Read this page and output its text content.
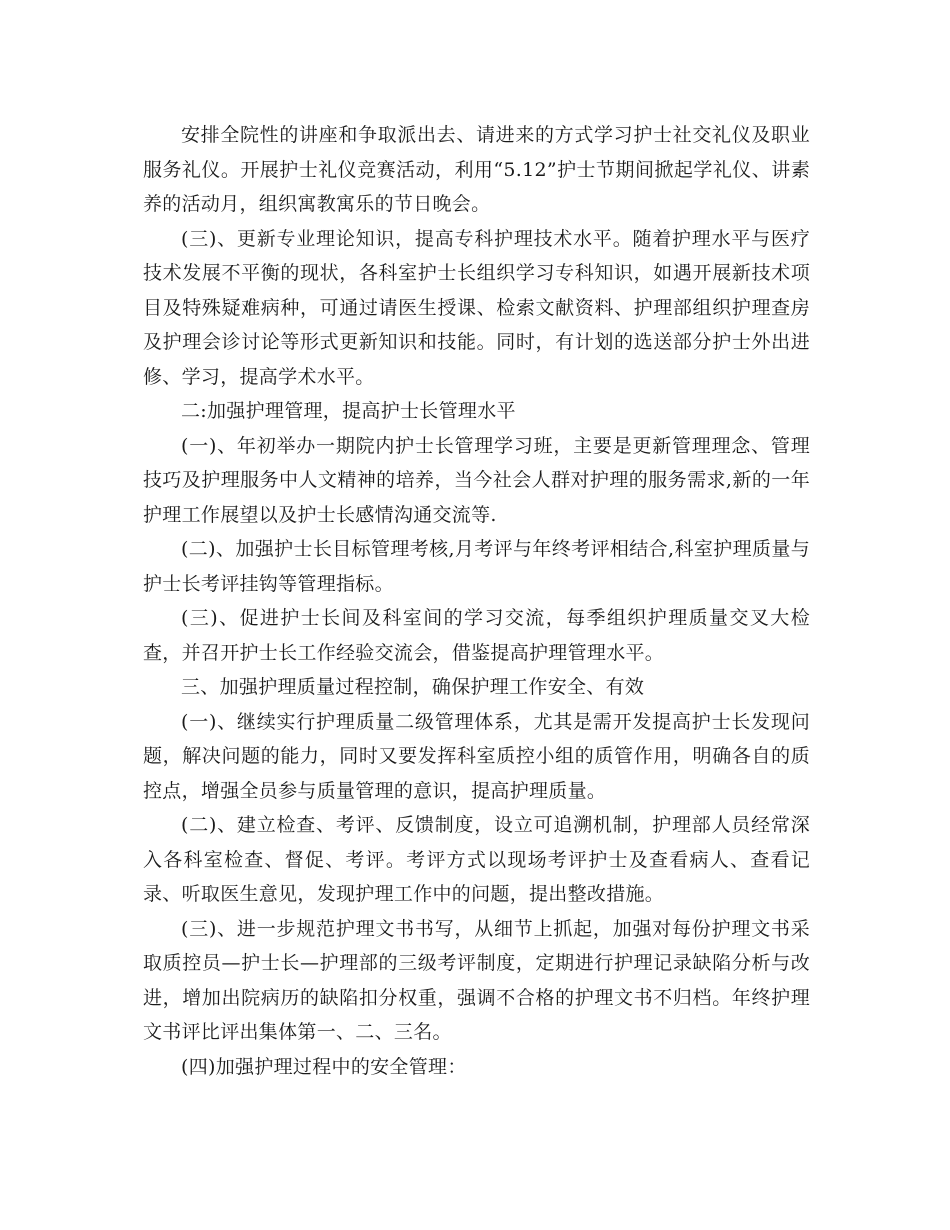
安排全院性的讲座和争取派出去、请进来的方式学习护士社交礼仪及职业服务礼仪。开展护士礼仪竞赛活动，利用“5.12”护士节期间掀起学礼仪、讲素养的活动月，组织寓教寓乐的节日晚会。

(三)、更新专业理论知识，提高专科护理技术水平。随着护理水平与医疗技术发展不平衡的现状，各科室护士长组织学习专科知识，如遇开展新技术项目及特殊疑难病种，可通过请医生授课、检索文献资料、护理部组织护理查房及护理会诊讨论等形式更新知识和技能。同时，有计划的选送部分护士外出进修、学习，提高学术水平。

二:加强护理管理，提高护士长管理水平

(一)、年初举办一期院内护士长管理学习班，主要是更新管理理念、管理技巧及护理服务中人文精神的培养，当今社会人群对护理的服务需求,新的一年护理工作展望以及护士长感情沟通交流等.

(二)、加强护士长目标管理考核,月考评与年终考评相结合,科室护理质量与护士长考评挂钩等管理指标。

(三)、促进护士长间及科室间的学习交流，每季组织护理质量交叉大检查，并召开护士长工作经验交流会，借鉴提高护理管理水平。

三、加强护理质量过程控制，确保护理工作安全、有效

(一)、继续实行护理质量二级管理体系，尤其是需开发提高护士长发现问题，解决问题的能力，同时又要发挥科室质控小组的质管作用，明确各自的质控点，增强全员参与质量管理的意识，提高护理质量。

(二)、建立检查、考评、反馈制度，设立可追溯机制，护理部人员经常深入各科室检查、督促、考评。考评方式以现场考评护士及查看病人、查看记录、听取医生意见，发现护理工作中的问题，提出整改措施。

(三)、进一步规范护理文书书写，从细节上抓起，加强对每份护理文书采取质控员—护士长—护理部的三级考评制度，定期进行护理记录缺陷分析与改进，增加出院病历的缺陷扣分权重，强调不合格的护理文书不归档。年终护理文书评比评出集体第一、二、三名。

(四)加强护理过程中的安全管理：
